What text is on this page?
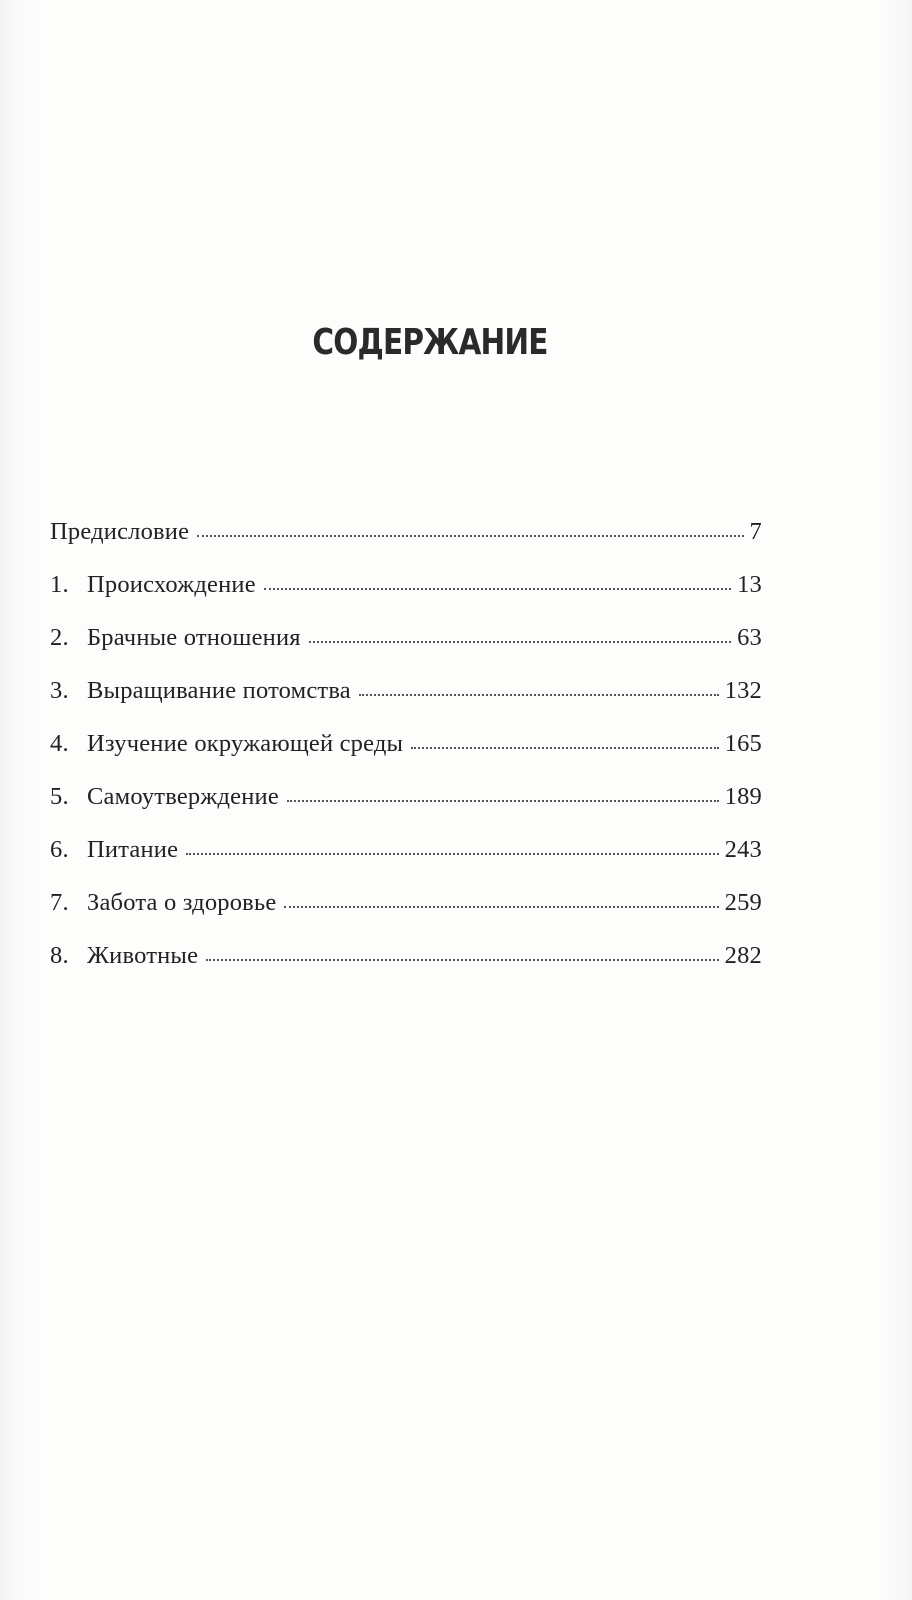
СОДЕРЖАНИЕ
Предисловие	7
1. Происхождение	13
2. Брачные отношения	63
3. Выращивание потомства	132
4. Изучение окружающей среды	165
5. Самоутверждение	189
6. Питание	243
7. Забота о здоровье	259
8. Животные	282
